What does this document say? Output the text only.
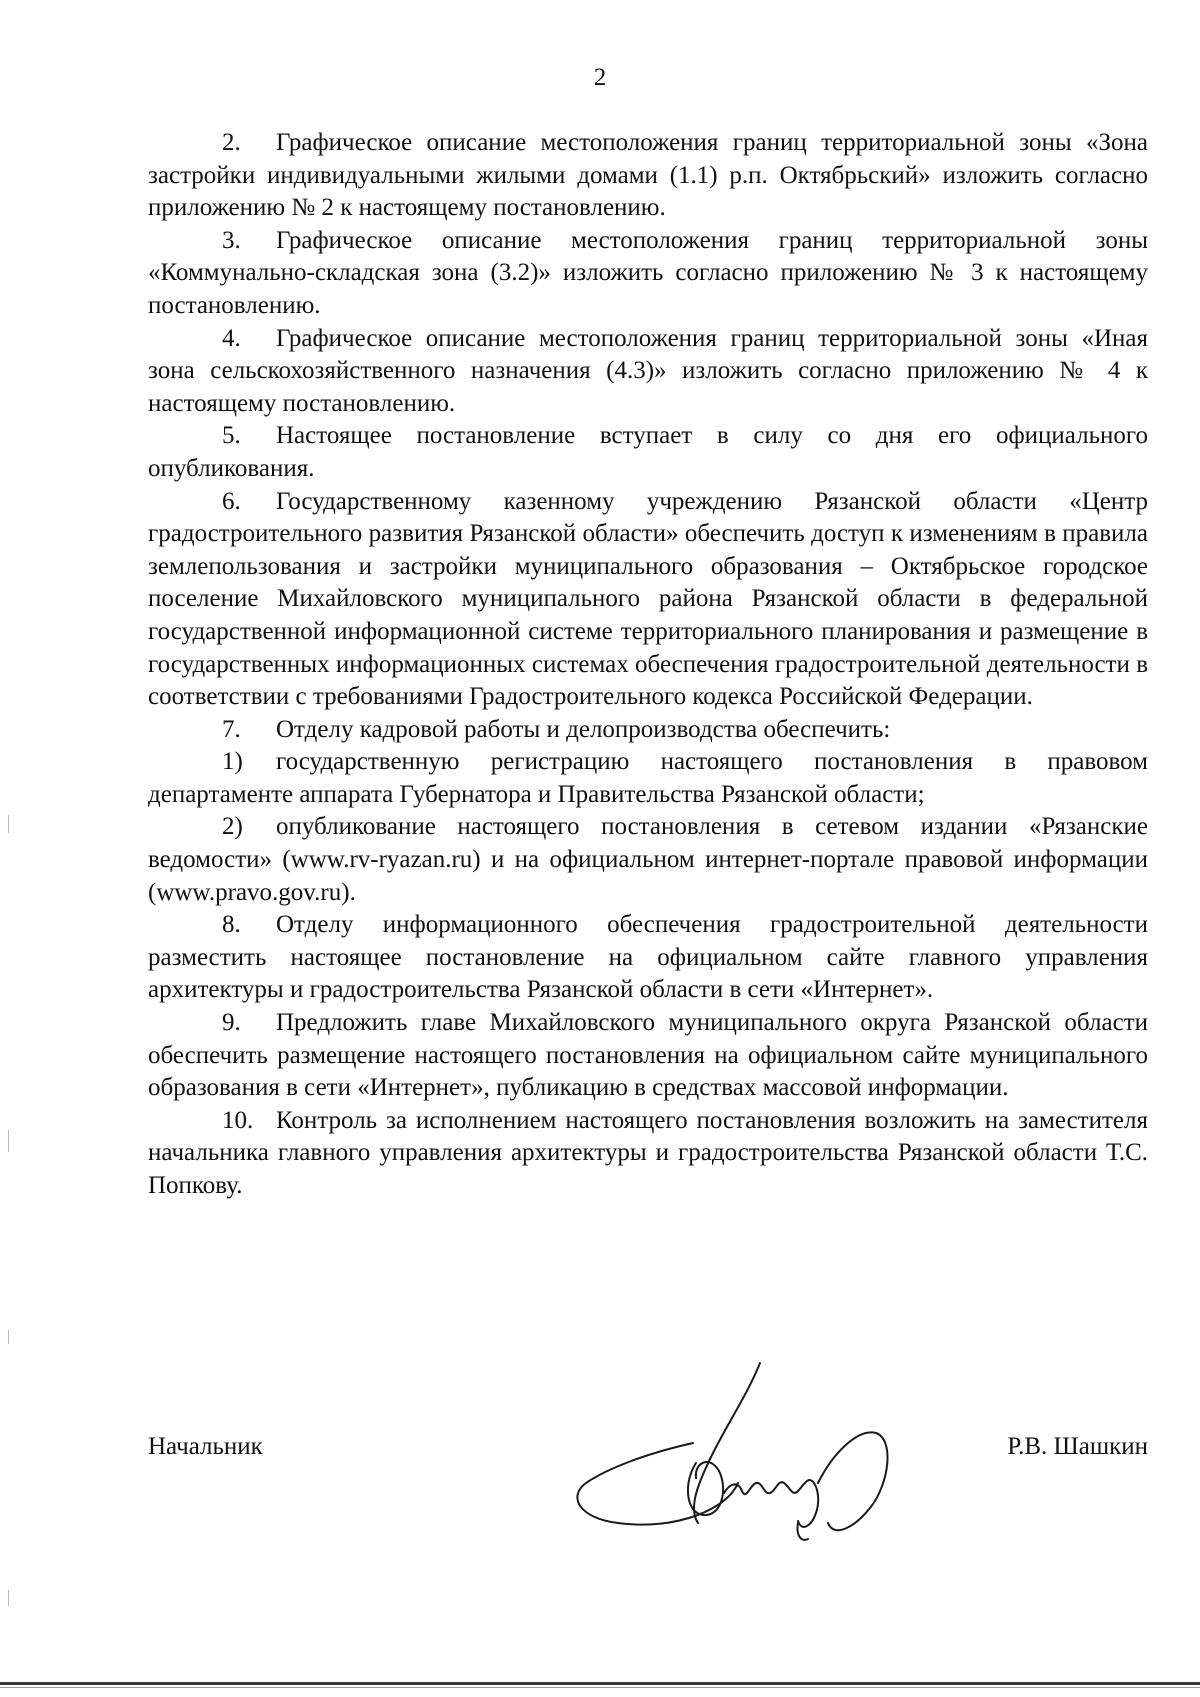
2

2. Графическое описание местоположения границ территориальной зоны «Зона застройки индивидуальными жилыми домами (1.1) р.п. Октябрьский» изложить согласно приложению № 2 к настоящему постановлению.

3. Графическое описание местоположения границ территориальной зоны «Коммунально-складская зона (3.2)» изложить согласно приложению № 3 к настоящему постановлению.

4. Графическое описание местоположения границ территориальной зоны «Иная зона сельскохозяйственного назначения (4.3)» изложить согласно приложению № 4 к настоящему постановлению.

5. Настоящее постановление вступает в силу со дня его официального опубликования.

6. Государственному казенному учреждению Рязанской области «Центр градостроительного развития Рязанской области» обеспечить доступ к изменениям в правила землепользования и застройки муниципального образования – Октябрьское городское поселение Михайловского муниципального района Рязанской области в федеральной государственной информационной системе территориального планирования и размещение в государственных информационных системах обеспечения градостроительной деятельности в соответствии с требованиями Градостроительного кодекса Российской Федерации.

7. Отделу кадровой работы и делопроизводства обеспечить:

1) государственную регистрацию настоящего постановления в правовом департаменте аппарата Губернатора и Правительства Рязанской области;

2) опубликование настоящего постановления в сетевом издании «Рязанские ведомости» (www.rv-ryazan.ru) и на официальном интернет-портале правовой информации (www.pravo.gov.ru).

8. Отделу информационного обеспечения градостроительной деятельности разместить настоящее постановление на официальном сайте главного управления архитектуры и градостроительства Рязанской области в сети «Интернет».

9. Предложить главе Михайловского муниципального округа Рязанской области обеспечить размещение настоящего постановления на официальном сайте муниципального образования в сети «Интернет», публикацию в средствах массовой информации.

10. Контроль за исполнением настоящего постановления возложить на заместителя начальника главного управления архитектуры и градостроительства Рязанской области Т.С. Попкову.

Начальник	Р.В. Шашкин
